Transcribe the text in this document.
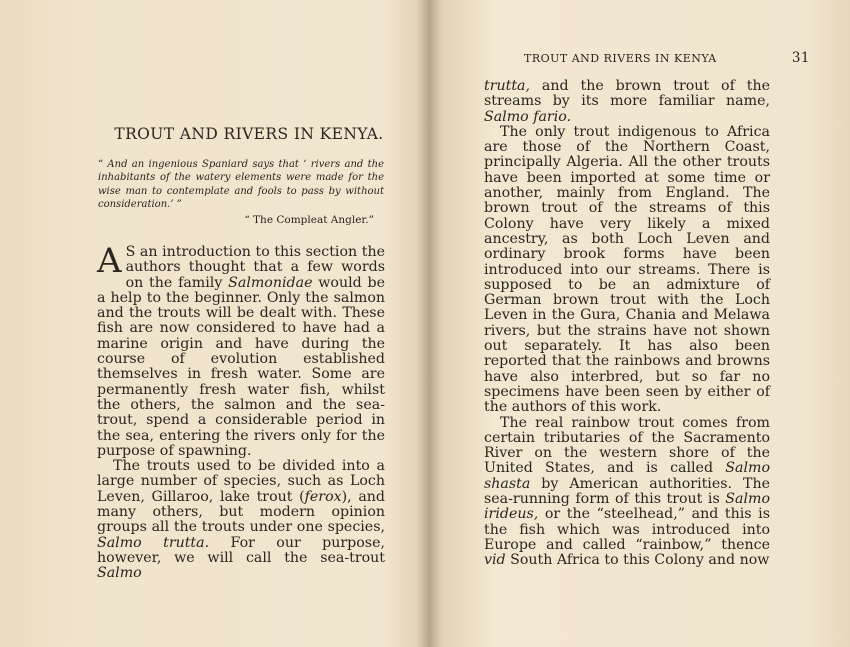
TROUT AND RIVERS IN KENYA.

“ And an ingenious Spaniard says that ‘ rivers and the inhabitants of the watery elements were made for the wise man to contemplate and fools to pass by without consideration.’ ”

“ The Compleat Angler.”

A S an introduction to this section the authors thought that a few words on the family Salmonidae would be a help to the beginner. Only the salmon and the trouts will be dealt with. These fish are now considered to have had a marine origin and have during the course of evolution established themselves in fresh water. Some are permanently fresh water fish, whilst the others, the salmon and the sea-trout, spend a considerable period in the sea, entering the rivers only for the purpose of spawning.

The trouts used to be divided into a large number of species, such as Loch Leven, Gillaroo, lake trout (ferox), and many others, but modern opinion groups all the trouts under one species, Salmo trutta. For our purpose, however, we will call the sea-trout Salmo

TROUT AND RIVERS IN KENYA	31

trutta, and the brown trout of the streams by its more familiar name, Salmo fario.

The only trout indigenous to Africa are those of the Northern Coast, principally Algeria. All the other trouts have been imported at some time or another, mainly from England. The brown trout of the streams of this Colony have very likely a mixed ancestry, as both Loch Leven and ordinary brook forms have been introduced into our streams. There is supposed to be an admixture of German brown trout with the Loch Leven in the Gura, Chania and Melawa rivers, but the strains have not shown out separately. It has also been reported that the rainbows and browns have also interbred, but so far no specimens have been seen by either of the authors of this work.

The real rainbow trout comes from certain tributaries of the Sacramento River on the western shore of the United States, and is called Salmo shasta by American authorities. The sea-running form of this trout is Salmo irideus, or the “steelhead,” and this is the fish which was introduced into Europe and called “rainbow,” thence vid South Africa to this Colony and now
